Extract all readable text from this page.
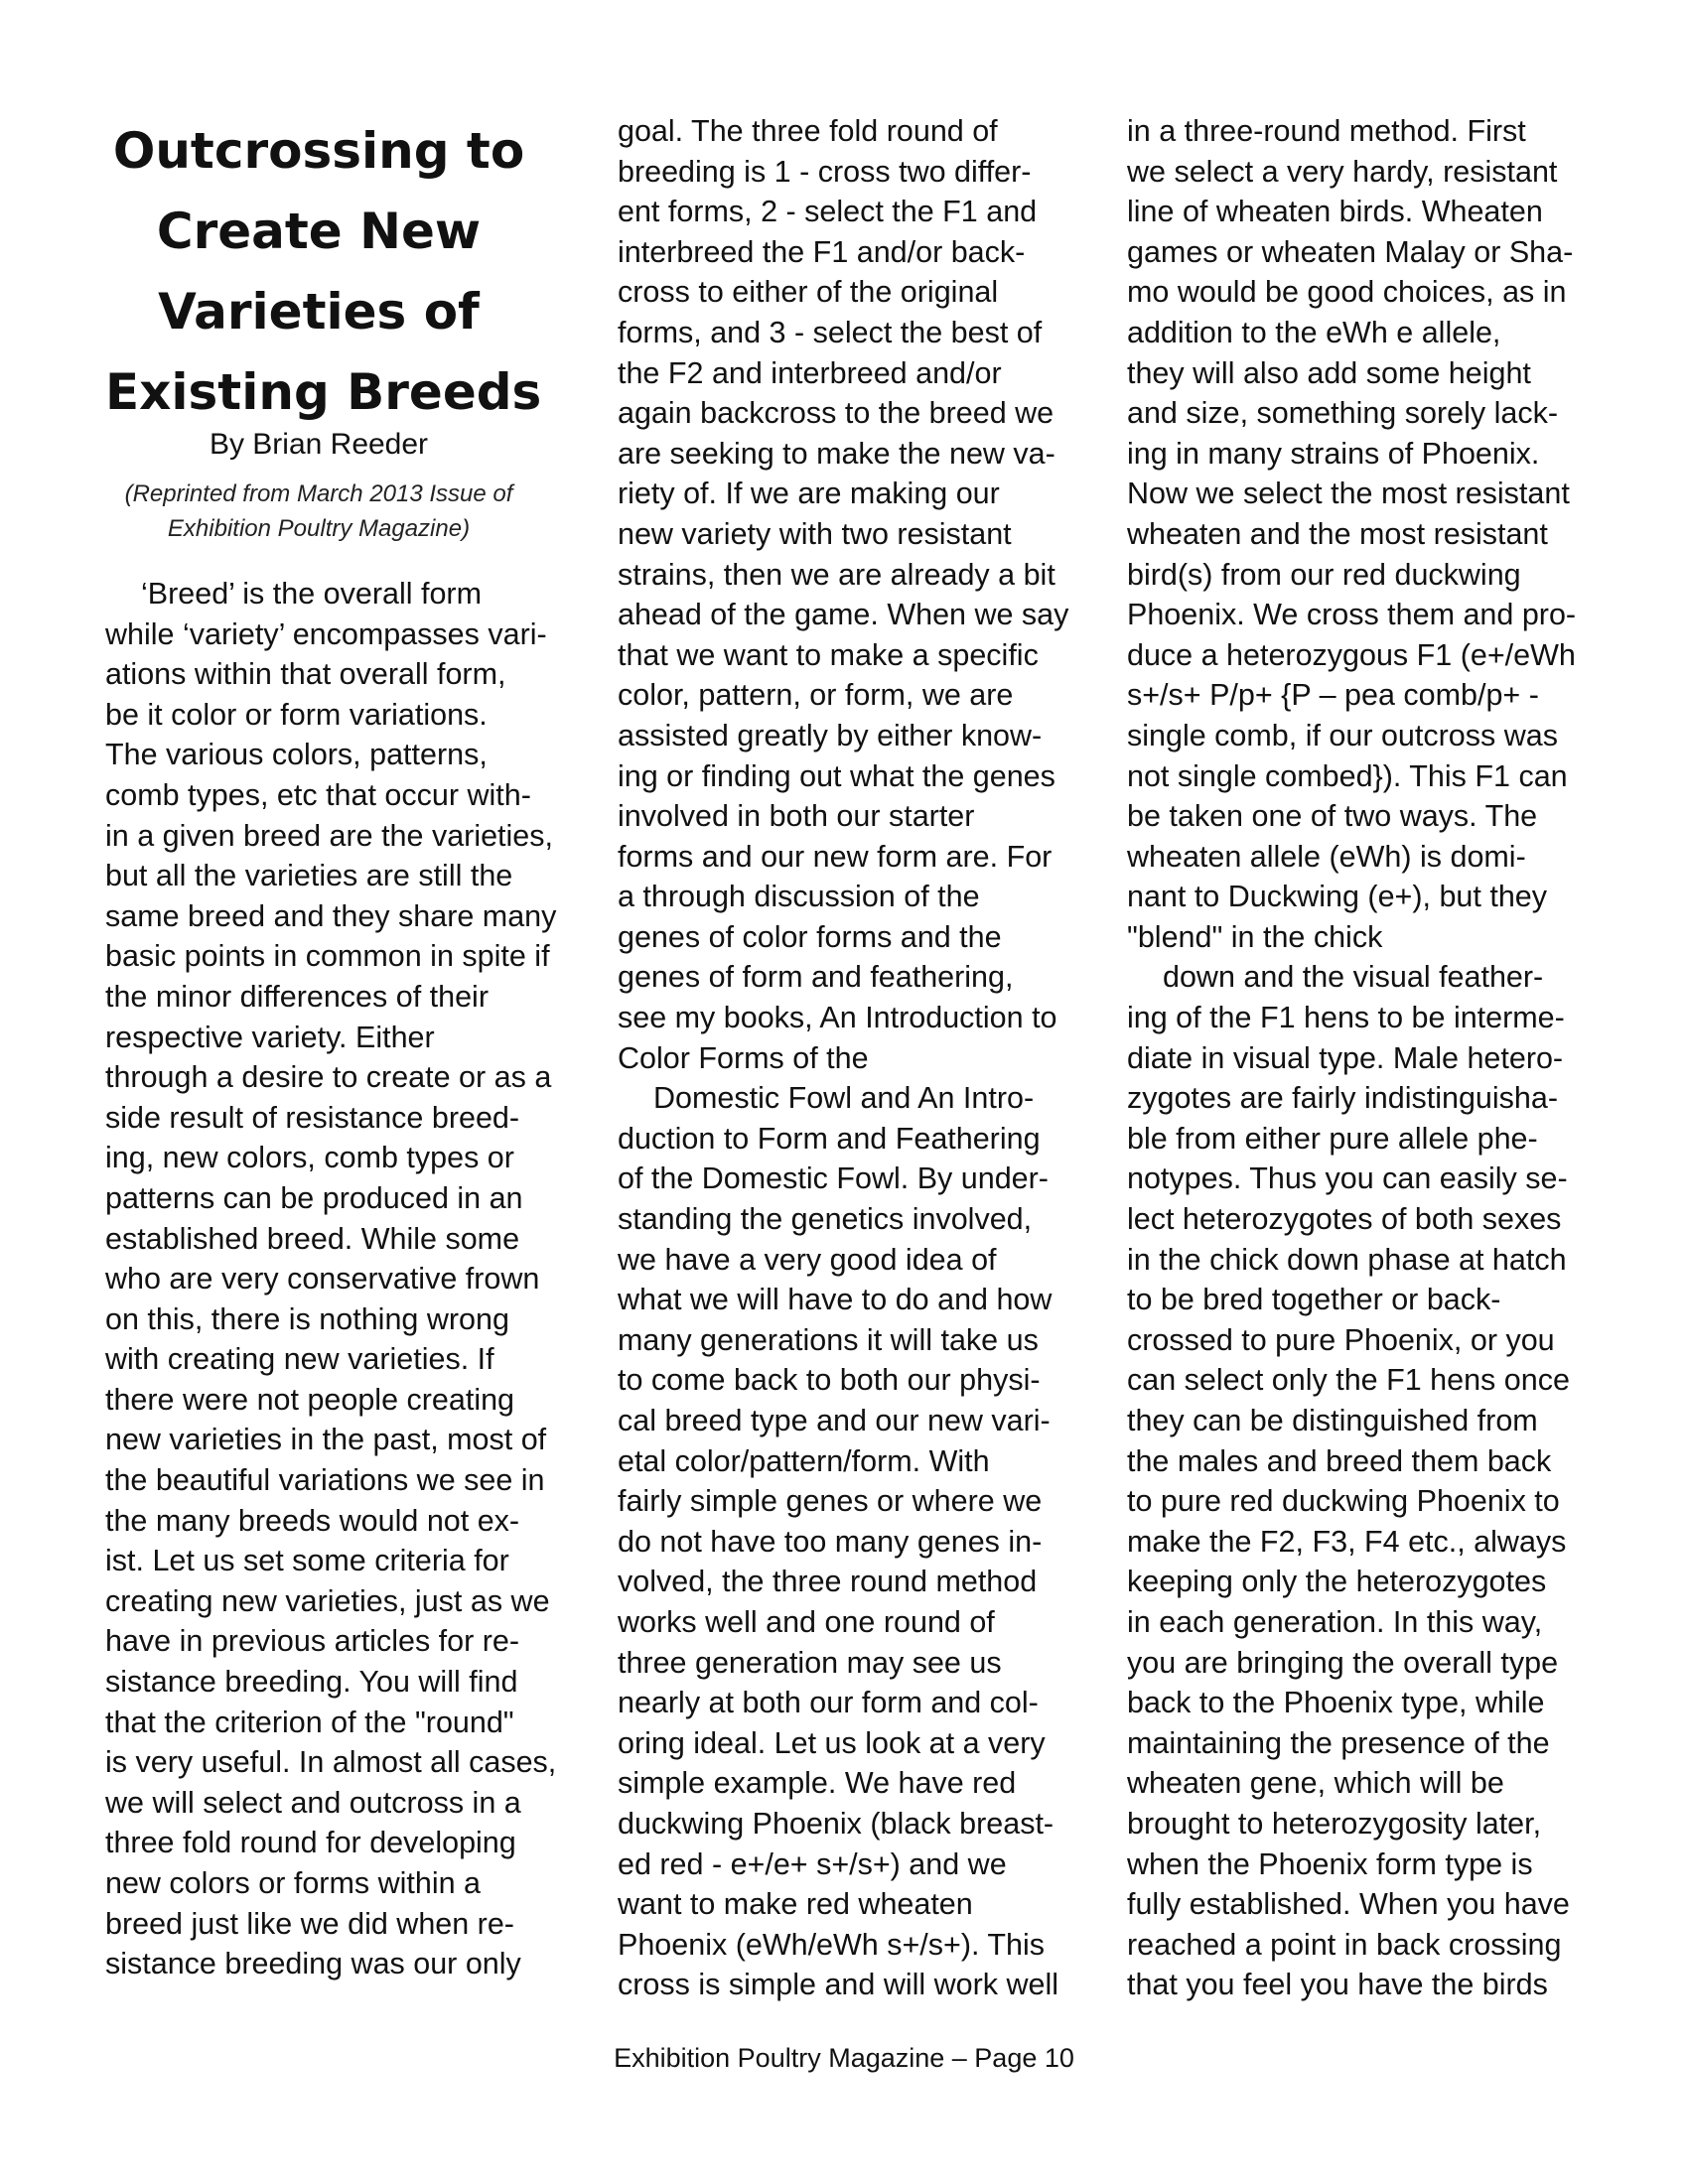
Outcrossing to
Create New
Varieties of
Existing Breeds
By Brian Reeder
(Reprinted from March 2013 Issue of
Exhibition Poultry Magazine)
‘Breed’ is the overall form
while ‘variety’ encompasses vari-
ations within that overall form,
be it color or form variations.
The various colors, patterns,
comb types, etc that occur with-
in a given breed are the varieties,
but all the varieties are still the
same breed and they share many
basic points in common in spite if
the minor differences of their
respective variety. Either
through a desire to create or as a
side result of resistance breed-
ing, new colors, comb types or
patterns can be produced in an
established breed. While some
who are very conservative frown
on this, there is nothing wrong
with creating new varieties. If
there were not people creating
new varieties in the past, most of
the beautiful variations we see in
the many breeds would not ex-
ist. Let us set some criteria for
creating new varieties, just as we
have in previous articles for re-
sistance breeding. You will find
that the criterion of the "round"
is very useful. In almost all cases,
we will select and outcross in a
three fold round for developing
new colors or forms within a
breed just like we did when re-
sistance breeding was our only
goal. The three fold round of
breeding is 1 - cross two differ-
ent forms, 2 - select the F1 and
interbreed the F1 and/or back-
cross to either of the original
forms, and 3 - select the best of
the F2 and interbreed and/or
again backcross to the breed we
are seeking to make the new va-
riety of. If we are making our
new variety with two resistant
strains, then we are already a bit
ahead of the game. When we say
that we want to make a specific
color, pattern, or form, we are
assisted greatly by either know-
ing or finding out what the genes
involved in both our starter
forms and our new form are. For
a through discussion of the
genes of color forms and the
genes of form and feathering,
see my books, An Introduction to
Color Forms of the
Domestic Fowl and An Intro-
duction to Form and Feathering
of the Domestic Fowl. By under-
standing the genetics involved,
we have a very good idea of
what we will have to do and how
many generations it will take us
to come back to both our physi-
cal breed type and our new vari-
etal color/pattern/form. With
fairly simple genes or where we
do not have too many genes in-
volved, the three round method
works well and one round of
three generation may see us
nearly at both our form and col-
oring ideal. Let us look at a very
simple example. We have red
duckwing Phoenix (black breast-
ed red - e+/e+ s+/s+) and we
want to make red wheaten
Phoenix (eWh/eWh s+/s+). This
cross is simple and will work well
in a three-round method. First
we select a very hardy, resistant
line of wheaten birds. Wheaten
games or wheaten Malay or Sha-
mo would be good choices, as in
addition to the eWh e allele,
they will also add some height
and size, something sorely lack-
ing in many strains of Phoenix.
Now we select the most resistant
wheaten and the most resistant
bird(s) from our red duckwing
Phoenix. We cross them and pro-
duce a heterozygous F1 (e+/eWh
s+/s+ P/p+ {P – pea comb/p+ -
single comb, if our outcross was
not single combed}). This F1 can
be taken one of two ways. The
wheaten allele (eWh) is domi-
nant to Duckwing (e+), but they
"blend" in the chick
down and the visual feather-
ing of the F1 hens to be interme-
diate in visual type. Male hetero-
zygotes are fairly indistinguisha-
ble from either pure allele phe-
notypes. Thus you can easily se-
lect heterozygotes of both sexes
in the chick down phase at hatch
to be bred together or back-
crossed to pure Phoenix, or you
can select only the F1 hens once
they can be distinguished from
the males and breed them back
to pure red duckwing Phoenix to
make the F2, F3, F4 etc., always
keeping only the heterozygotes
in each generation. In this way,
you are bringing the overall type
back to the Phoenix type, while
maintaining the presence of the
wheaten gene, which will be
brought to heterozygosity later,
when the Phoenix form type is
fully established. When you have
reached a point in back crossing
that you feel you have the birds
Exhibition Poultry Magazine – Page 10
